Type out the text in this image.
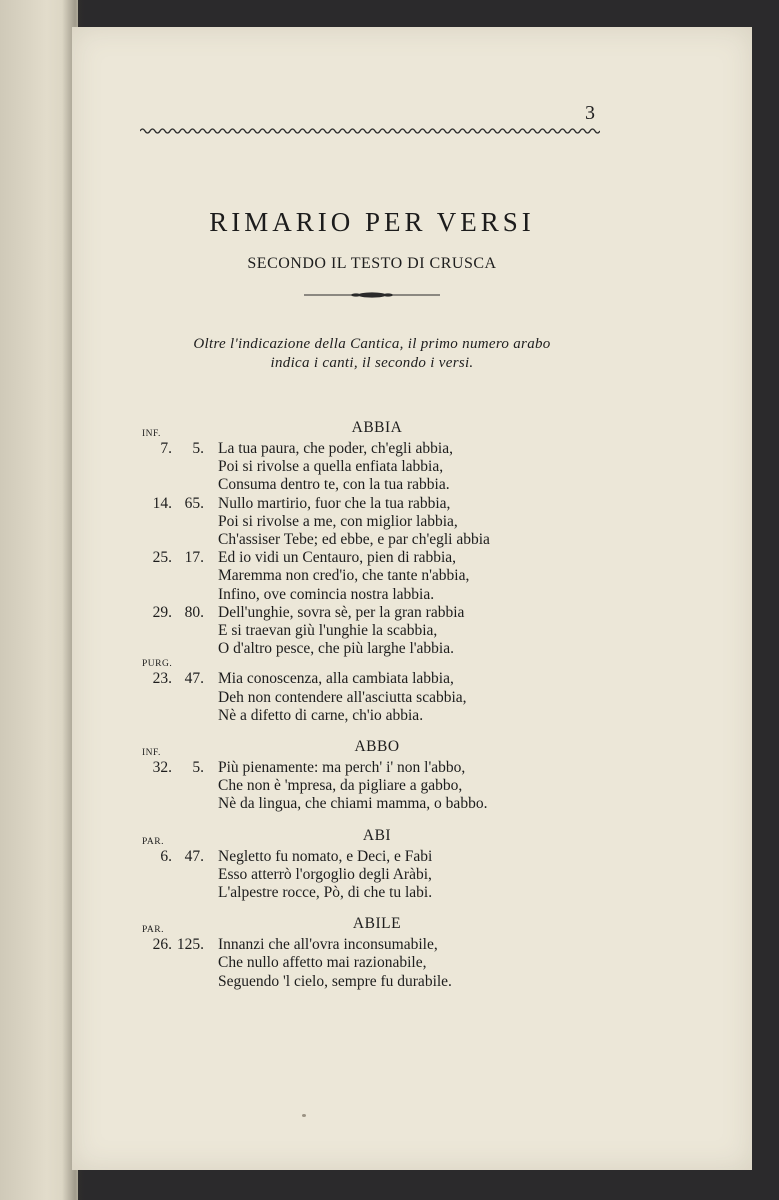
3
RIMARIO PER VERSI
SECONDO IL TESTO DI CRUSCA
Oltre l'indicazione della Cantica, il primo numero arabo
indica i canti, il secondo i versi.
ABBIA
INF.
7.	5. La tua paura, che poder, ch'egli abbia,
Poi si rivolse a quella enfiata labbia,
Consuma dentro te, con la tua rabbia.
14. 65. Nullo martirio, fuor che la tua rabbia,
Poi si rivolse a me, con miglior labbia,
Ch'assiser Tebe; ed ebbe, e par ch'egli abbia
25. 17. Ed io vidi un Centauro, pien di rabbia,
Maremma non cred'io, che tante n'abbia,
Infino, ove comincia nostra labbia.
29. 80. Dell'unghie, sovra sè, per la gran rabbia
E si traevan giù l'unghie la scabbia,
O d'altro pesce, che più larghe l'abbia.
PURG.
23. 47. Mia conoscenza, alla cambiata labbia,
Deh non contendere all'asciutta scabbia,
Nè a difetto di carne, ch'io abbia.
ABBO
INF.
32.	5. Più pienamente: ma perch' i' non l'abbo,
Che non è 'mpresa, da pigliare a gabbo,
Nè da lingua, che chiami mamma, o babbo.
ABI
PAR.
6. 47. Negletto fu nomato, e Deci, e Fabi
Esso atterrò l'orgoglio degli Aràbi,
L'alpestre rocce, Pò, di che tu labi.
ABILE
PAR.
26. 125. Innanzi che all'ovra inconsumabile,
Che nullo affetto mai razionabile,
Seguendo 'l cielo, sempre fu durabile.
